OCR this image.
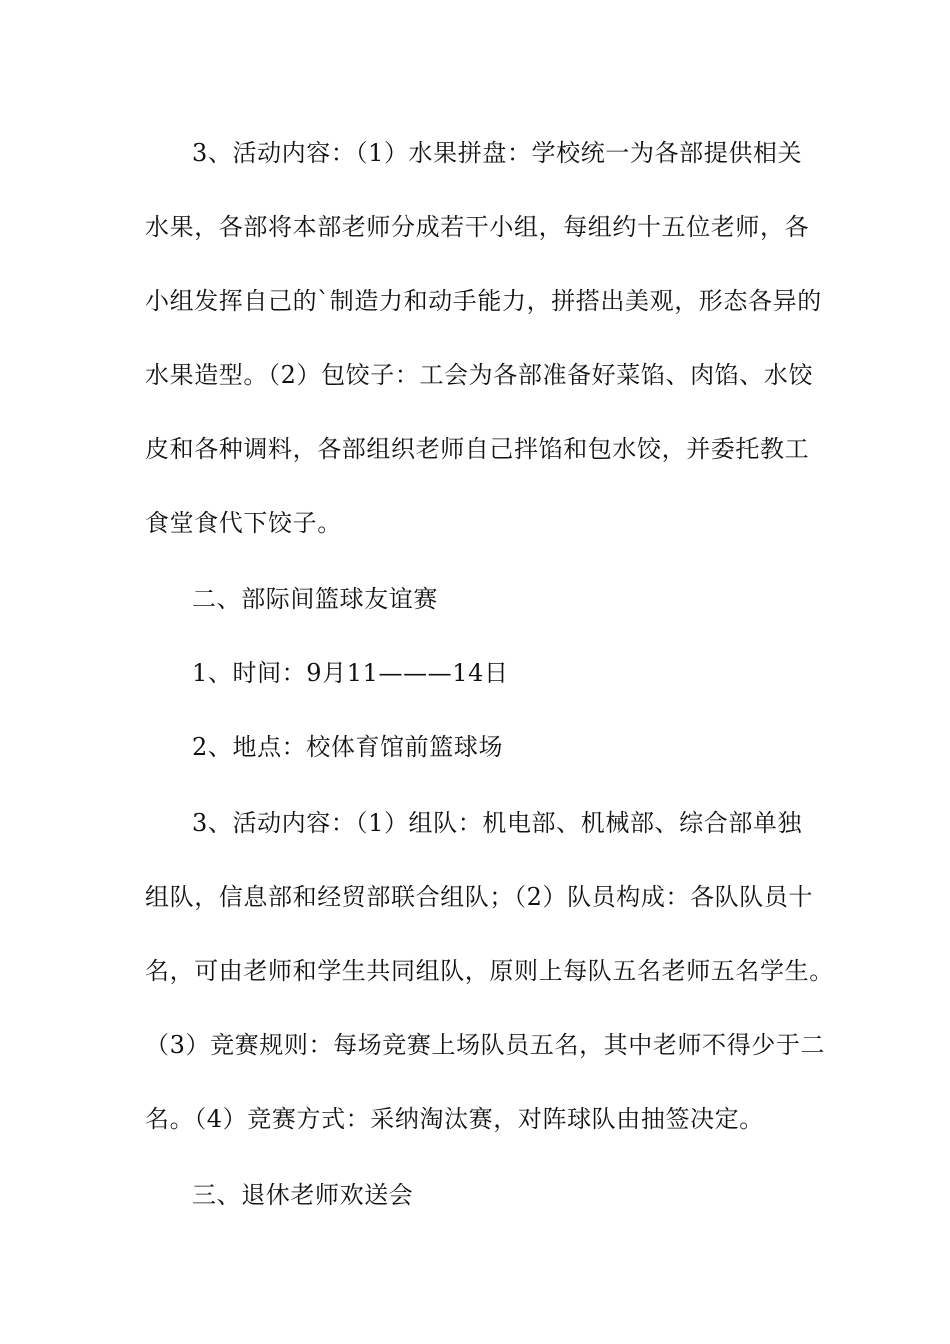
3、活动内容：（1）水果拼盘：学校统一为各部提供相关
水果，各部将本部老师分成若干小组，每组约十五位老师，各
小组发挥自己的`制造力和动手能力，拼搭出美观，形态各异的
水果造型。（2）包饺子：工会为各部准备好菜馅、肉馅、水饺
皮和各种调料，各部组织老师自己拌馅和包水饺，并委托教工
食堂食代下饺子。
二、部际间篮球友谊赛
1、时间：9月11———14日
2、地点：校体育馆前篮球场
3、活动内容：（1）组队：机电部、机械部、综合部单独
组队，信息部和经贸部联合组队；（2）队员构成：各队队员十
名，可由老师和学生共同组队，原则上每队五名老师五名学生。
（3）竞赛规则：每场竞赛上场队员五名，其中老师不得少于二
名。（4）竞赛方式：采纳淘汰赛，对阵球队由抽签决定。
三、退休老师欢送会
